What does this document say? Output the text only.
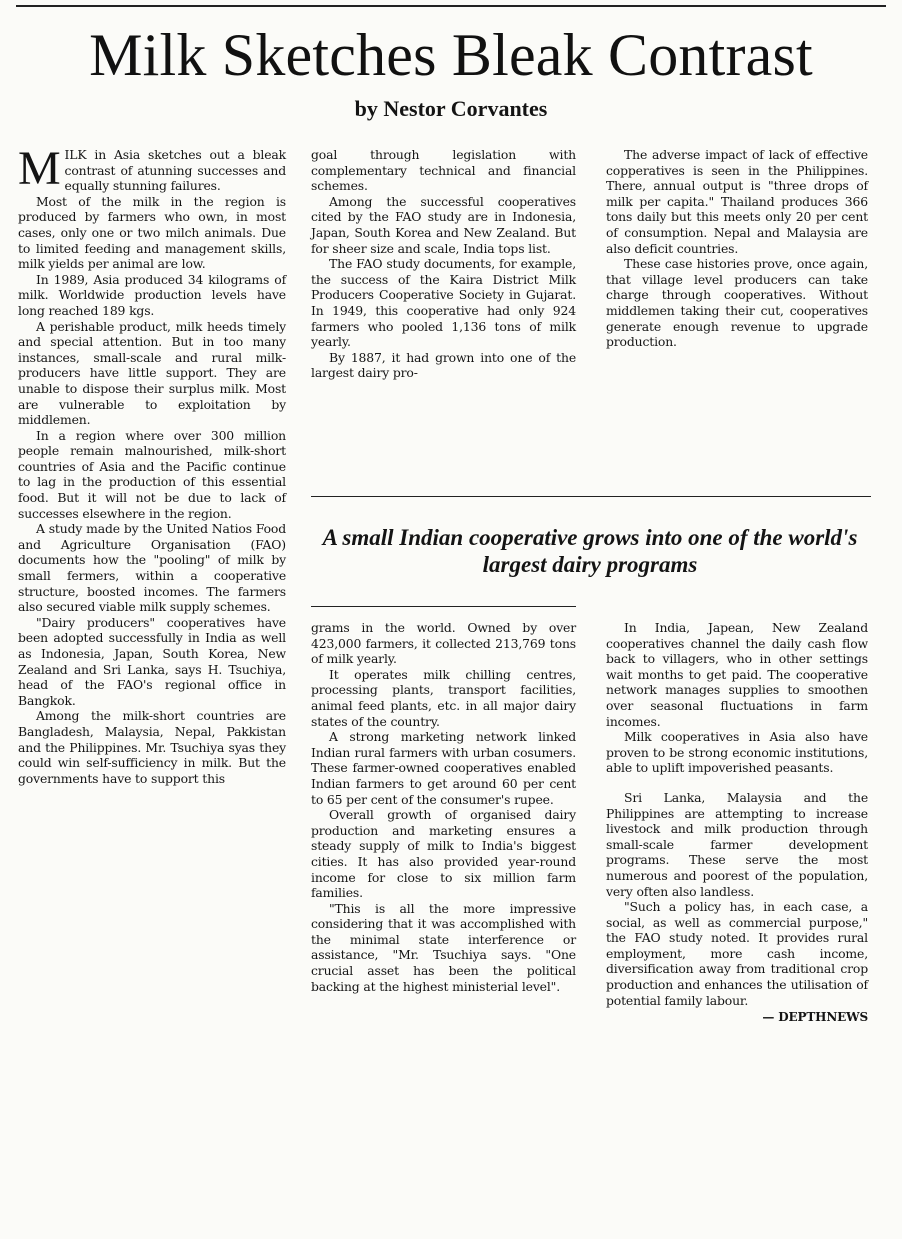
Milk Sketches Bleak Contrast
by Nestor Corvantes

MILK in Asia sketches out a bleak contrast of atunning successes and equally stunning failures.

Most of the milk in the region is produced by farmers who own, in most cases, only one or two milch animals. Due to limited feeding and management skills, milk yields per animal are low.

In 1989, Asia produced 34 kilograms of milk. Worldwide production levels have long reached 189 kgs.

A perishable product, milk heeds timely and special attention. But in too many instances, small-scale and rural milk-producers have little support. They are unable to dispose their surplus milk. Most are vulnerable to exploitation by middlemen.

In a region where over 300 million people remain malnourished, milk-short countries of Asia and the Pacific continue to lag in the production of this essential food. But it will not be due to lack of successes elsewhere in the region.

A study made by the United Natios Food and Agriculture Organisation (FAO) documents how the "pooling" of milk by small fermers, within a cooperative structure, boosted incomes. The farmers also secured viable milk supply schemes.

"Dairy producers" cooperatives have been adopted successfully in India as well as Indonesia, Japan, South Korea, New Zealand and Sri Lanka, says H. Tsuchiya, head of the FAO's regional office in Bangkok.

Among the milk-short countries are Bangladesh, Malaysia, Nepal, Pakkistan and the Philippines. Mr. Tsuchiya syas they could win self-sufficiency in milk. But the governments have to support this

goal through legislation with complementary technical and financial schemes.

Among the successful cooperatives cited by the FAO study are in Indonesia, Japan, South Korea and New Zealand. But for sheer size and scale, India tops list.

The FAO study documents, for example, the success of the Kaira District Milk Producers Cooperative Society in Gujarat. In 1949, this cooperative had only 924 farmers who pooled 1,136 tons of milk yearly.

By 1887, it had grown into one of the largest dairy pro-

The adverse impact of lack of effective copperatives is seen in the Philippines. There, annual output is "three drops of milk per capita." Thailand produces 366 tons daily but this meets only 20 per cent of consumption. Nepal and Malaysia are also deficit countries.

These case histories prove, once again, that village level producers can take charge through cooperatives. Without middlemen taking their cut, cooperatives generate enough revenue to upgrade production.

A small Indian cooperative grows into one of the world's largest dairy programs

grams in the world. Owned by over 423,000 farmers, it collected 213,769 tons of milk yearly.

It operates milk chilling centres, processing plants, transport facilities, animal feed plants, etc. in all major dairy states of the country.

A strong marketing network linked Indian rural farmers with urban cosumers. These farmer-owned cooperatives enabled Indian farmers to get around 60 per cent to 65 per cent of the consumer's rupee.

Overall growth of organised dairy production and marketing ensures a steady supply of milk to India's biggest cities. It has also provided year-round income for close to six million farm families.

"This is all the more impressive considering that it was accomplished with the minimal state interference or assistance, "Mr. Tsuchiya says. "One crucial asset has been the political backing at the highest ministerial level".

In India, Japean, New Zealand cooperatives channel the daily cash flow back to villagers, who in other settings wait months to get paid. The cooperative network manages supplies to smoothen over seasonal fluctuations in farm incomes.

Milk cooperatives in Asia also have proven to be strong economic institutions, able to uplift impoverished peasants.

Sri Lanka, Malaysia and the Philippines are attempting to increase livestock and milk production through small-scale farmer development programs. These serve the most numerous and poorest of the population, very often also landless.

"Such a policy has, in each case, a social, as well as commercial purpose," the FAO study noted. It provides rural employment, more cash income, diversification away from traditional crop production and enhances the utilisation of potential family labour.

— DEPTHNEWS
